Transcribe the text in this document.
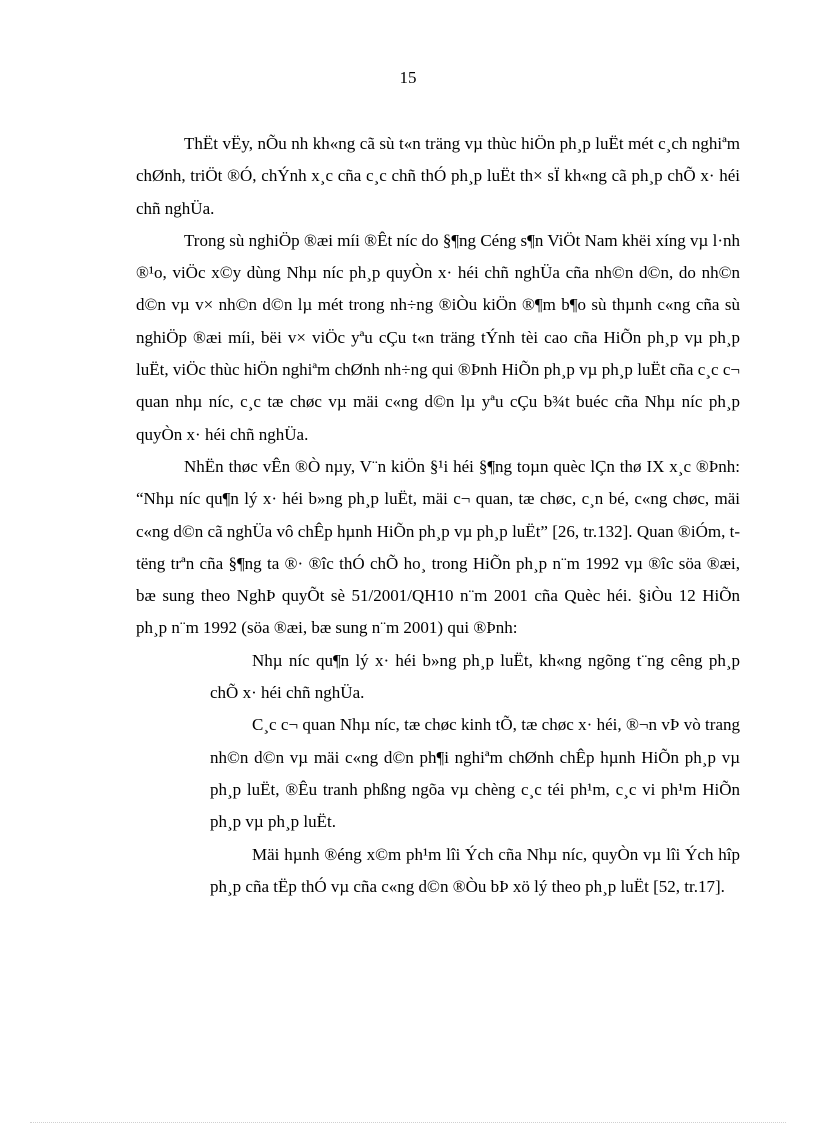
15

ThËt vËy, nÕu nh kh«ng cã sù t«n träng vµ thùc hiÖn ph¸p luËt mét c¸ch nghiªm chØnh, triÖt ®Ó, chÝnh x¸c cña c¸c chñ thÓ ph¸p luËt th× sÏ kh«ng cã ph¸p chÕ x· héi chñ nghÜa.

Trong sù nghiÖp ®æi míi ®Êt níc do §¶ng Céng s¶n ViÖt Nam khëi xíng vµ l·nh ®¹o, viÖc x©y dùng Nhµ níc ph¸p quyÒn x· héi chñ nghÜa cña nh©n d©n, do nh©n d©n vµ v× nh©n d©n lµ mét trong nh÷ng ®iÒu kiÖn ®¶m b¶o sù thµnh c«ng cña sù nghiÖp ®æi míi, bëi v× viÖc yªu cÇu t«n träng tÝnh tèi cao cña HiÕn ph¸p vµ ph¸p luËt, viÖc thùc hiÖn nghiªm chØnh nh÷ng qui ®Þnh HiÕn ph¸p vµ ph¸p luËt cña c¸c c¬ quan nhµ níc, c¸c tæ chøc vµ mäi c«ng d©n lµ yªu cÇu b¾t buéc cña Nhµ níc ph¸p quyÒn x· héi chñ nghÜa.

NhËn thøc vÊn ®Ò nµy, V¨n kiÖn §¹i héi §¶ng toµn quèc lÇn thø IX x¸c ®Þnh: “Nhµ níc qu¶n lý x· héi b»ng ph¸p luËt, mäi c¬ quan, tæ chøc, c¸n bé, c«ng chøc, mäi c«ng d©n cã nghÜa vô chÊp hµnh HiÕn ph¸p vµ ph¸p luËt” [26, tr.132]. Quan ®iÓm, t tëng trªn cña §¶ng ta ®· ®îc thÓ chÕ ho¸ trong HiÕn ph¸p n¨m 1992 vµ ®îc söa ®æi, bæ sung theo NghÞ quyÕt sè 51/2001/QH10 n¨m 2001 cña Quèc héi. §iÒu 12 HiÕn ph¸p n¨m 1992 (söa ®æi, bæ sung n¨m 2001) qui ®Þnh:

Nhµ níc qu¶n lý x· héi b»ng ph¸p luËt, kh«ng ngõng t¨ng cêng ph¸p chÕ x· héi chñ nghÜa.

C¸c c¬ quan Nhµ níc, tæ chøc kinh tÕ, tæ chøc x· héi, ®¬n vÞ vò trang nh©n d©n vµ mäi c«ng d©n ph¶i nghiªm chØnh chÊp hµnh HiÕn ph¸p vµ ph¸p luËt, ®Êu tranh phßng ngõa vµ chèng c¸c téi ph¹m, c¸c vi ph¹m HiÕn ph¸p vµ ph¸p luËt.

Mäi hµnh ®éng x©m ph¹m lîi Ých cña Nhµ níc, quyÒn vµ lîi Ých hîp ph¸p cña tËp thÓ vµ cña c«ng d©n ®Òu bÞ xö lý theo ph¸p luËt [52, tr.17].
